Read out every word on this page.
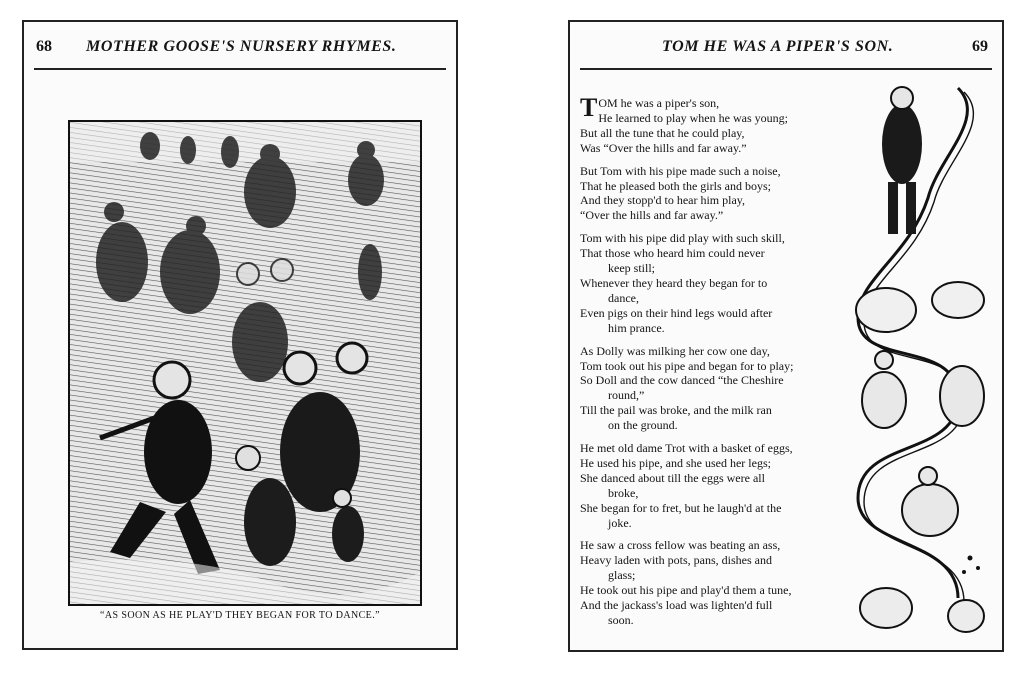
68 MOTHER GOOSE'S NURSERY RHYMES.
“AS SOON AS HE PLAY'D THEY BEGAN FOR TO DANCE.”
TOM HE WAS A PIPER'S SON.	69
TOM he was a piper's son,
He learned to play when he was young;
But all the tune that he could play,
Was “Over the hills and far away.”
But Tom with his pipe made such a noise,
That he pleased both the girls and boys;
And they stopp'd to hear him play,
“Over the hills and far away.”
Tom with his pipe did play with such skill,
That those who heard him could never
keep still;
Whenever they heard they began for to
dance,
Even pigs on their hind legs would after
him prance.
As Dolly was milking her cow one day,
Tom took out his pipe and began for to play;
So Doll and the cow danced “the Cheshire
round,”
Till the pail was broke, and the milk ran
on the ground.
He met old dame Trot with a basket of eggs,
He used his pipe, and she used her legs;
She danced about till the eggs were all
broke,
She began for to fret, but he laugh'd at the
joke.
He saw a cross fellow was beating an ass,
Heavy laden with pots, pans, dishes and
glass;
He took out his pipe and play'd them a tune,
And the jackass's load was lighten'd full
soon.
